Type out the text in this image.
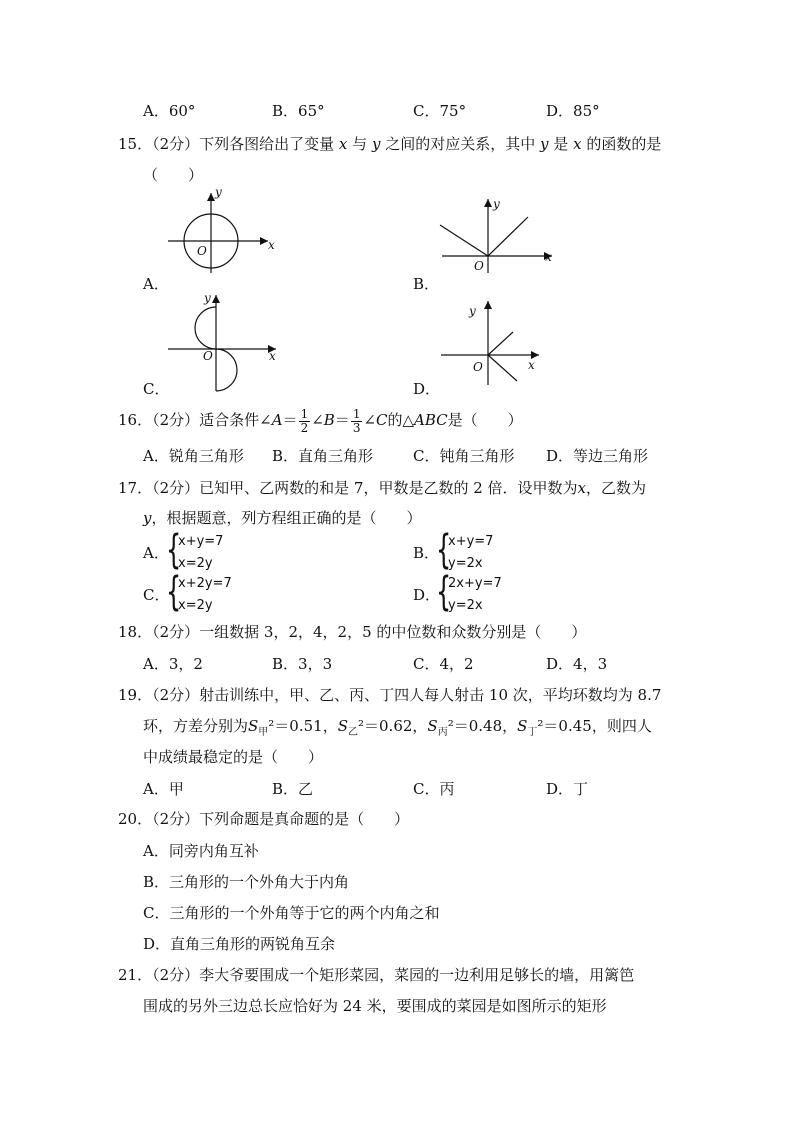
A．60°	B．65°	C．75°	D．85°
15．（2分）下列各图给出了变量 x 与 y 之间的对应关系，其中 y 是 x 的函数的是
（　　）
A．
y
x
O
B．
y
x
O
C．
y
x
O
D．
y
x
O
16．（2分）适合条件∠A＝ $\frac{1}{2}$ ∠B＝ $\frac{1}{3}$ ∠C的△ABC是（　　）
A．锐角三角形 B．直角三角形	C．钝角三角形 D．等边三角形
17．（2分）已知甲、乙两数的和是 7，甲数是乙数的 2 倍．设甲数为x，乙数为
y，根据题意，列方程组正确的是（　　）
A．
{
x+y=7
x=2y
B．
{
x+y=7
y=2x
C．
{
x+2y=7
x=2y
D．
{
2x+y=7
y=2x
18．（2分）一组数据 3，2，4，2，5 的中位数和众数分别是（　　）
A．3，2	B．3，3	C．4，2	D．4，3
19．（2分）射击训练中，甲、乙、丙、丁四人每人射击 10 次，平均环数均为 8.7
环，方差分别为$S_甲^2=0.51$，$S_乙^2=0.62$，$S_丙^2=0.48$，$S_丁^2=0.45$，则四人
中成绩最稳定的是（　　）
A．甲	B．乙	C．丙	D．丁
20．（2分）下列命题是真命题的是（　　）
A．同旁内角互补
B．三角形的一个外角大于内角
C．三角形的一个外角等于它的两个内角之和
D．直角三角形的两锐角互余
21．（2分）李大爷要围成一个矩形菜园，菜园的一边利用足够长的墙，用篱笆
围成的另外三边总长应恰好为 24 米，要围成的菜园是如图所示的矩形
